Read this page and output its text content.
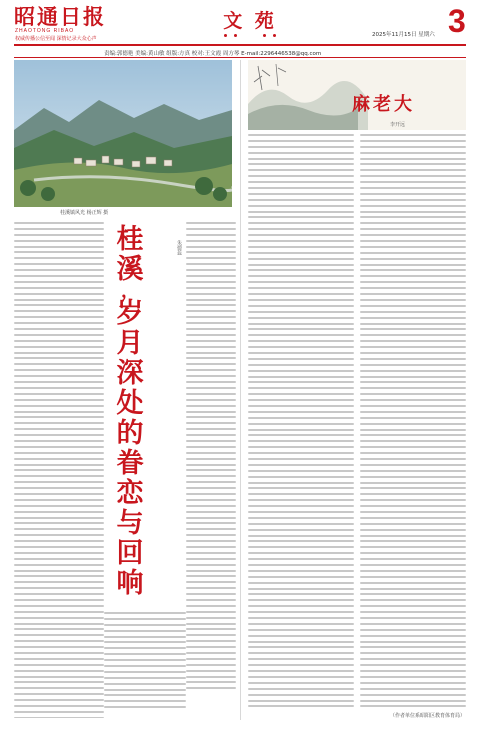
昭通日报
ZHAOTONG RIBAO
权威传播公信至闻 深情记录大众心声
文 苑
2025年11月15日 星期六 3
责编:郭德艳 美编:黄山敏 组版:方真 校对:王文霞 周方琴 E-mail:2296446538@qq.com
桂溪镇风光 杨正辉 摄
桂
溪
，
岁
月
深
处
的
眷
恋
与
回
响
朱德蕊
麻老大
李开远
（作者单位系昭阳区教育体育局）
